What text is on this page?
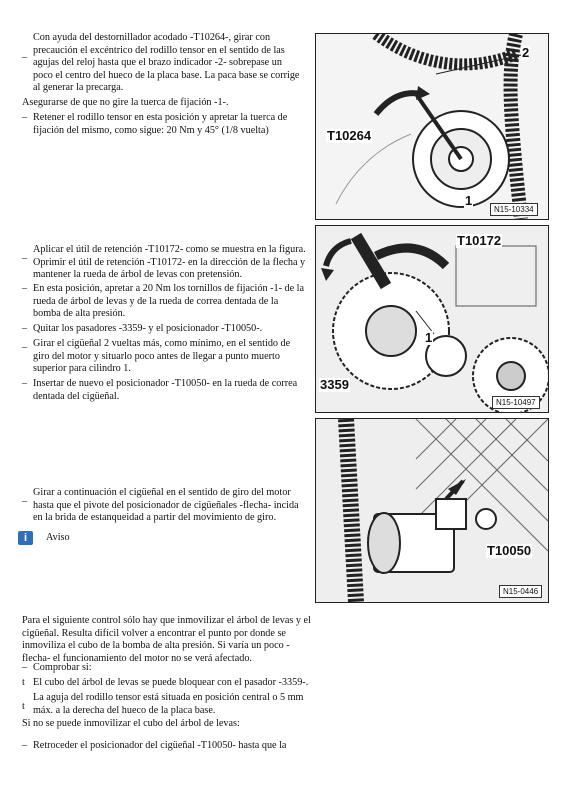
–
Con ayuda del destornillador acodado -T10264-, girar con precaución el excéntrico del rodillo tensor en el sentido de las agujas del reloj hasta que el brazo indicador -2- sobrepase un poco el centro del hueco de la placa base. La paca base se corrige al generar la precarga.
Asegurarse de que no gire la tuerca de fijación -1-.
– Retener el rodillo tensor en esta posición y apretar la tuerca de fijación del mismo, como sigue: 20 Nm y 45° (1/8 vuelta)	T10264
2
1
N15-10334
–
Aplicar el útil de retención -T10172- como se muestra en la figura. Oprimir el útil de retención -T10172- en la dirección de la flecha y mantener la rueda de árbol de levas con pretensión.
– En esta posición, apretar a 20 Nm los tornillos de fijación -1- de la rueda de árbol de levas y de la rueda de correa dentada de la bomba de alta presión.
– Quitar los pasadores -3359- y el posicionador -T10050-.
– Girar el cigüeñal 2 vueltas más, como mínimo, en el sentido de giro del motor y situarlo poco antes de llegar a punto muerto superior para cilindro 1.
– Insertar de nuevo el posicionador -T10050- en la rueda de correa dentada del cigüeñal.
T10172
1
3359
N15-10497
–
Girar a continuación el cigüeñal en el sentido de giro del motor hasta que el pivote del posicionador de cigüeñales -flecha- incida en la brida de estanqueidad a partir del movimiento de giro.
i	Aviso
T10050
N15-0446
Para el siguiente control sólo hay que inmovilizar el árbol de levas y el cigüeñal. Resulta difícil volver a encontrar el punto por donde se inmoviliza el cubo de la bomba de alta presión. Si varía un poco -flecha- el funcionamiento del motor no se verá afectado.
– Comprobar si:
t El cubo del árbol de levas se puede bloquear con el pasador -3359-.
t
La aguja del rodillo tensor está situada en posición central o 5 mm máx. a la derecha del hueco de la placa base.
Si no se puede inmovilizar el cubo del árbol de levas:
– Retroceder el posicionador del cigüeñal -T10050- hasta que la
